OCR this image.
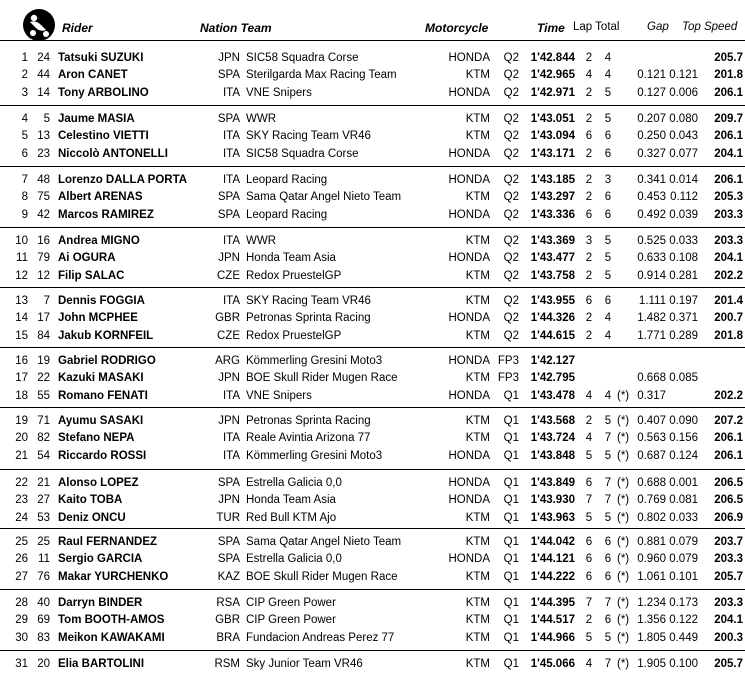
Rider	Nation Team	Motorcycle	Time Lap Total Gap Top Speed
1 24 Tatsuki SUZUKI	JPN SIC58 Squadra Corse	HONDA	Q2	1'42.844 2 4	205.7
2 44 Aron CANET	SPA Sterilgarda Max Racing Team	KTM	Q2	1'42.965 4 4	0.121 0.121	201.8
3 14 Tony ARBOLINO	ITA VNE Snipers	HONDA	Q2	1'42.971 2 5	0.127 0.006	206.1
4	5 Jaume MASIA	SPA WWR	KTM	Q2	1'43.051 2 5	0.207 0.080	209.7
5 13 Celestino VIETTI	ITA SKY Racing Team VR46	KTM	Q2	1'43.094 6 6	0.250 0.043	206.1
6 23 Niccolò ANTONELLI	ITA SIC58 Squadra Corse	HONDA	Q2	1'43.171 2 6	0.327 0.077	204.1
7 48 Lorenzo DALLA PORTA	ITA Leopard Racing	HONDA	Q2	1'43.185 2 3	0.341 0.014	206.1
8 75 Albert ARENAS	SPA Sama Qatar Angel Nieto Team	KTM	Q2	1'43.297 2 6	0.453 0.112	205.3
9 42 Marcos RAMIREZ	SPA Leopard Racing	HONDA	Q2	1'43.336 6 6	0.492 0.039	203.3
10 16 Andrea MIGNO	ITA WWR	KTM	Q2	1'43.369 3 5	0.525 0.033	203.3
11 79 Ai OGURA	JPN Honda Team Asia	HONDA	Q2	1'43.477 2 5	0.633 0.108	204.1
12 12 Filip SALAC	CZE Redox PruestelGP	KTM	Q2	1'43.758 2 5	0.914 0.281	202.2
13	7 Dennis FOGGIA	ITA SKY Racing Team VR46	KTM	Q2	1'43.955 6 6	1.111 0.197	201.4
14 17 John MCPHEE	GBR Petronas Sprinta Racing	HONDA	Q2	1'44.326 2 4	1.482 0.371	200.7
15 84 Jakub KORNFEIL	CZE Redox PruestelGP	KTM	Q2	1'44.615 2 4	1.771 0.289	201.8
16 19 Gabriel RODRIGO	ARG Kömmerling Gresini Moto3	HONDA FP3	1'42.127
17 22 Kazuki MASAKI	JPN BOE Skull Rider Mugen Race	KTM FP3	1'42.795	0.668 0.085
18 55 Romano FENATI	ITA VNE Snipers	HONDA	Q1	1'43.478 4 4 (*) 0.317	202.2
19 71 Ayumu SASAKI	JPN Petronas Sprinta Racing	KTM	Q1	1'43.568 2 5 (*) 0.407 0.090	207.2
20 82 Stefano NEPA	ITA Reale Avintia Arizona 77	KTM	Q1	1'43.724 4 7 (*) 0.563 0.156	206.1
21 54 Riccardo ROSSI	ITA Kömmerling Gresini Moto3	HONDA	Q1	1'43.848 5 5 (*) 0.687 0.124	206.1
22 21 Alonso LOPEZ	SPA Estrella Galicia 0,0	HONDA	Q1	1'43.849 6 7 (*) 0.688 0.001	206.5
23 27 Kaito TOBA	JPN Honda Team Asia	HONDA	Q1	1'43.930 7 7 (*) 0.769 0.081	206.5
24 53 Deniz ONCU	TUR Red Bull KTM Ajo	KTM	Q1	1'43.963 5 5 (*) 0.802 0.033	206.9
25 25 Raul FERNANDEZ	SPA Sama Qatar Angel Nieto Team	KTM	Q1	1'44.042 6 6 (*) 0.881 0.079	203.7
26 11 Sergio GARCIA	SPA Estrella Galicia 0,0	HONDA	Q1	1'44.121 6 6 (*) 0.960 0.079	203.3
27 76 Makar YURCHENKO	KAZ BOE Skull Rider Mugen Race	KTM	Q1	1'44.222 6 6 (*) 1.061 0.101	205.7
28 40 Darryn BINDER	RSA CIP Green Power	KTM	Q1	1'44.395 7 7 (*) 1.234 0.173	203.3
29 69 Tom BOOTH-AMOS	GBR CIP Green Power	KTM	Q1	1'44.517 2 6 (*) 1.356 0.122	204.1
30 83 Meikon KAWAKAMI	BRA Fundacion Andreas Perez 77	KTM	Q1	1'44.966 5 5 (*) 1.805 0.449	200.3
31 20 Elia BARTOLINI	RSM Sky Junior Team VR46	KTM	Q1	1'45.066 4 7 (*) 1.905 0.100	205.7
